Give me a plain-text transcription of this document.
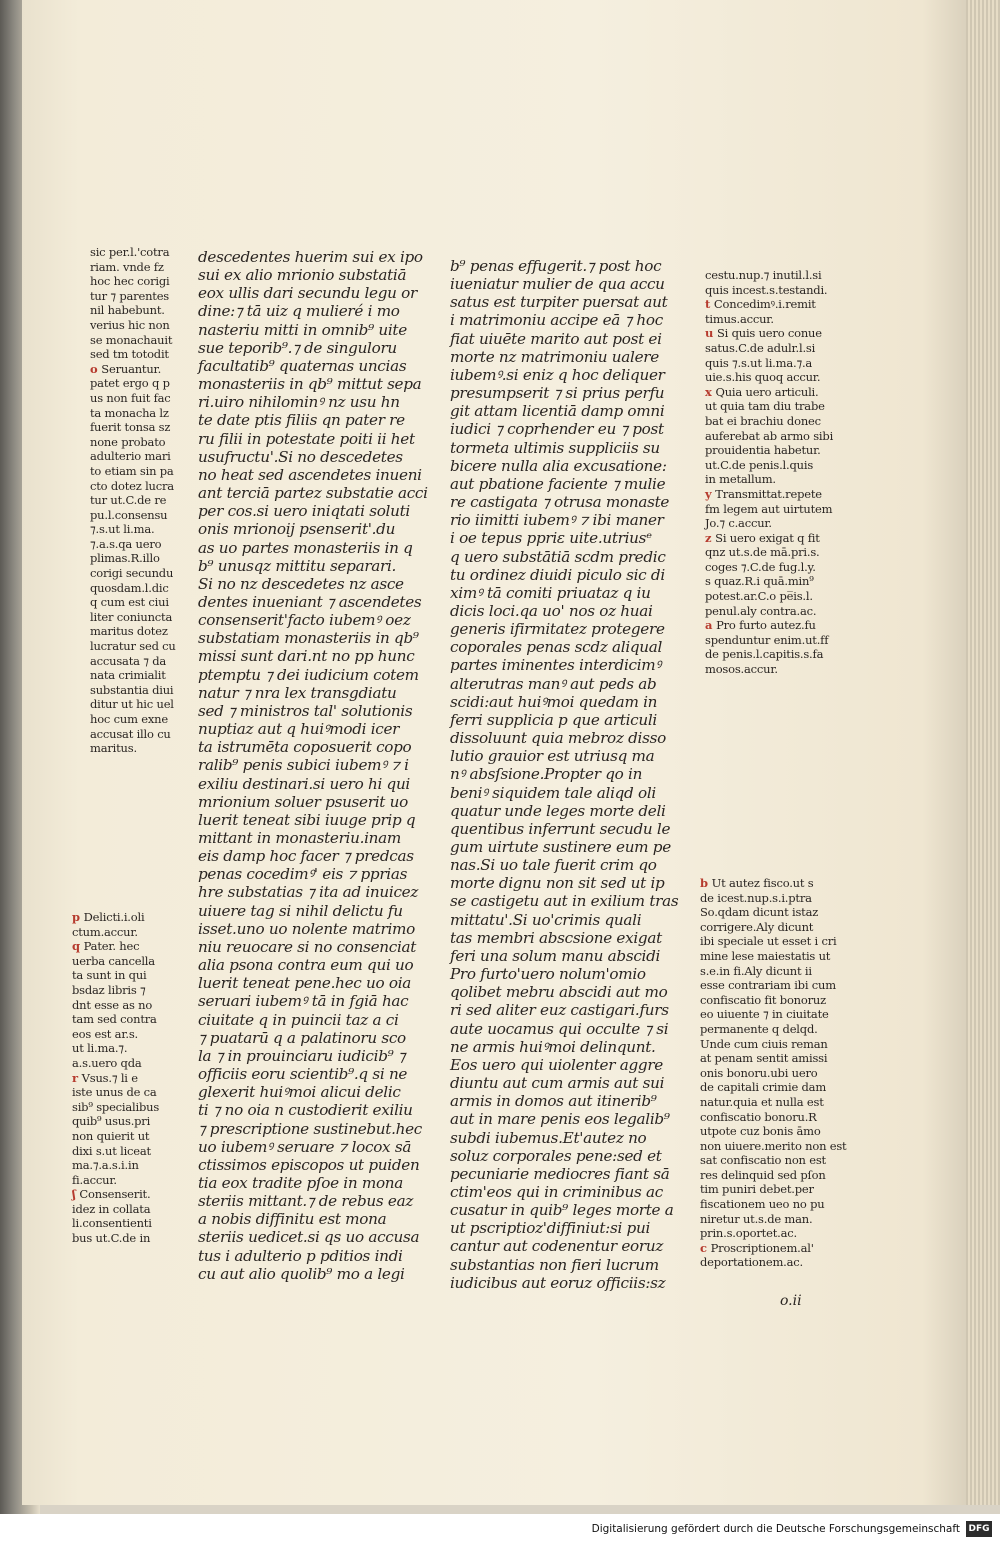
sic per.l.'cotra
riam. vnde fz
hoc hec corigi
tur ⁊ parentes
nil habebunt.
verius hic non
se monachauit
sed tm totodit
o Seruantur.
patet ergo q p
us non fuit fac
ta monacha lz
fuerit tonsa sz
none probato
adulterio mari
to etiam sin pa
cto dotez lucra
tur ut.C.de re
pu.l.consensu
⁊.s.ut li.ma.
⁊.a.s.qa uero
plimas.R.illo
corigi secundu
quosdam.l.dic
q cum est ciui
liter coniuncta
maritus dotez
lucratur sed cu
accusata ⁊ da
nata crimialit
substantia diui
ditur ut hic uel
hoc cum exne
accusat illo cu
maritus.
p Delicti.i.oli
ctum.accur.
q Pater. hec
uerba cancella
ta sunt in qui
bsdaz libris ⁊
dnt esse as no
tam sed contra
eos est ar.s.
ut li.ma.⁊.
a.s.uero qda
r Vsus.⁊ li e
iste unus de ca
sib⁹ specialibus
quib⁹ usus.pri
non quierit ut
dixi s.ut liceat
ma.⁊.a.s.i.in
fi.accur.
ʃ Consenserit.
idez in collata
li.consentienti
bus ut.C.de in
descedentes hueriт sui ex ipo
sui ex alio mrionio substatiā
eox ullis dari secundu legu or
dine:⁊ tā uiz q mulieré i mo
nasteriu mitti in omnib⁹ uite
sue teporib⁹.⁊ de singuloru
facultatib⁹ quaternas uncias
monasteriis in qb⁹ mittut sepa
ri.uiro nihilominꝰ nz usu hn
te date ptis filiis qn pater re
ru filii in potestate poiti ii het
usufructu'.Si no descedetes
no heat sed ascendetes inueni
ant terciā partez substatie acci
per cos.si uero iniqtati soluti
onis mrionoij psenserit'.du
as uo partes monasteriis in q
b⁹ unusqz mittitu separari.
Si no nz descedetes nz asce
dentes inueniant ⁊ ascendetes
consenserit'facto iubemꝰ oez
substatiam monasteriis in qb⁹
missi sunt dari.nt no pp hunc
ptemptu ⁊ dei iudicium cotem
natur ⁊ nra lex transgdiatu
sed ⁊ ministros tal' solutionis
nuptiaz aut q huiꝰmodi icer
ta istrumēta coposuerit copo
ralib⁹ penis subici iubemꝰ ⁊ i
exiliu destinari.si uero hi qui
mrionium soluer psuserit uo
luerit teneat sibi iuuge prip q
mittant in monasteriu.inam
eis damp hoc facer ⁊ predcas
penas cocedimꝰ' eis ⁊ pprias
hre substatias ⁊ ita ad inuicez
uiuere tag si nihil delictu fu
isset.uno uo nolente matrimo
niu reuocare si no consenciat
alia psona contra eum qui uo
luerit teneat pene.hec uo oia
seruari iubemꝰ tā in fgiā hac
ciuitate q in puincii taz a ci
⁊ puatarū q a palatinoru sco
la ⁊ in prouinciaru iudicib⁹ ⁊
officiis eoru scientib⁹.q si ne
glexerit huiꝰmoi alicui delic
ti ⁊ no oia n custodierit exiliu
⁊ prescriptione sustinebut.hec
uo iubemꝰ seruare ⁊ locox sā
ctissimos episcopos ut puiden
tia eox tradite pſoe in mona
steriis mittant.⁊ de rebus eaz
a nobis diffinitu est mona
steriis uedicet.si qs uo accusa
tus i adulterio p pditios indi
cu aut alio quolib⁹ mo a legi
b⁹ penas effugerit.⁊ post hoc
iueniatur mulier de qua accu
satus est turpiter puersat aut
i matrimoniu accipe eā ⁊ hoc
fiat uiuēte marito aut post ei
morte nz matrimoniu ualere
iubemꝰ.si eniz q hoc deliquer
presumpserit ⁊ si prius perfu
git attam licentiā damp omni
iudici ⁊ coprhender eu ⁊ post
tormeta ultimis suppliciis su
bicere nulla alia excusatione:
aut pbatione faciente ⁊ mulie
re castigata ⁊ otrusa monaste
rio iimitti iubemꝰ ⁊ ibi maner
i oe tepus ppriε uite.utriusᵉ
q uero substātiā scdm predic
tu ordinez diuidi piculo sic di
ximꝰ tā comiti priuataz q iu
dicis loci.qa uo' nos oz huai
generis ifirmitatez protegere
coporales penas scdz aliqual
partes iminentes interdicimꝰ
alterutras manꝰ aut peds ab
scidi:aut huiꝰmoi quedam in
ferri supplicia p que articuli
dissoluunt quia mebroz disso
lutio grauior est utriusq ma
nꝰ absſsione.Propter qo in
beniꝰ siquidem tale aliqd oli
quatur unde leges morte deli
quentibus inferrunt secudu le
gum uirtute sustinere eum pe
nas.Si uo tale fuerit crim qo
morte dignu non sit sed ut ip
se castigetu aut in exilium tras
mittatu'.Si uo'crimis quali
tas membri abscsione exigat
feri una solum manu abscidi
Pro furto'uero nolum'omio
qolibet mebru abscidi aut mo
ri sed aliter euz castigari.furs
aute uocamus qui occulte ⁊ si
ne armis huiꝰmoi delinqunt.
Eos uero qui uiolenter aggre
diuntu aut cum armis aut sui
armis in domos aut itinerib⁹
aut in mare penis eos legalib⁹
subdi iubemus.Et'autez no
soluz corporales pene:sed et
pecuniarie mediocres fiant sā
ctim'eos qui in criminibus ac
cusatur in quib⁹ leges morte a
ut pscriptioz'diffiniut:si pui
cantur aut codenentur eoruz
substantias non fieri lucrum
iudicibus aut eoruz officiis:sz
cestu.nup.⁊ inutil.l.si
quis incest.s.testandi.
t Concedimꝰ.i.remit
timus.accur.
u Si quis uero conue
satus.C.de adulr.l.si
quis ⁊.s.ut li.ma.⁊.a
uie.s.his quoq accur.
x Quia uero articuli.
ut quia tam diu trabe
bat ei brachiu donec
auferebat ab armo sibi
prouidentia habetur.
ut.C.de penis.l.quis
in metallum.
y Transmittat.repete
fm legem aut uirtutem
Jo.⁊ c.accur.
z Si uero exigat q fit
qnz ut.s.de mā.pri.s.
coges ⁊.C.de fug.l.y.
s quaz.R.i quā.min⁹
potest.ar.C.o pe̅is.l.
penul.aly contra.ac.
a Pro furto autez.fu
spenduntur enim.ut.ff
de penis.l.capitis.s.fa
mosos.accur.
b Ut autez fisco.ut s
de icest.nup.s.i.ptra
So.qdam dicunt istaz
corrigere.Aly dicunt
ibi speciale ut esset i cri
mine lese maiestatis ut
s.e.in fi.Aly dicunt ii
esse contrariam ibi cum
confiscatio fit bonoruz
eo uiuente ⁊ in ciuitate
permanente q delqd.
Unde cum ciuis reman
at penam sentit amissi
onis bonoru.ubi uero
de capitali crimie dam
natur.quia et nulla est
confiscatio bonoru.R
utpote cuz bonis āmo
non uiuere.merito non est
sat confiscatio non est
res delinquid sed pſon
tim puniri debet.per
fiscationem ueo no pu
niretur ut.s.de man.
prin.s.oportet.ac.
c Proscriptionem.al'
deportationem.ac.
o.ii
Digitalisierung gefördert durch die Deutsche Forschungsgemeinschaft DFG
